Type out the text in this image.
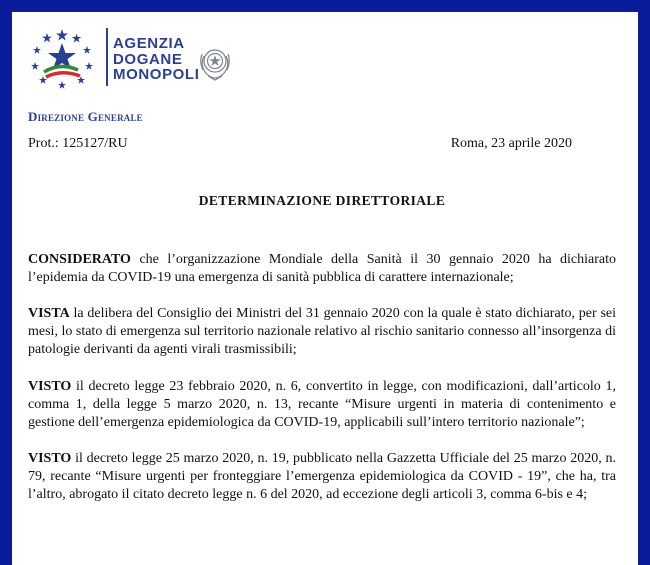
AGENZIA
DOGANE
MONOPOLI
Direzione Generale
Prot.: 125127/RU	Roma, 23 aprile 2020
DETERMINAZIONE DIRETTORIALE

CONSIDERATO che l’organizzazione Mondiale della Sanità il 30 gennaio 2020 ha dichiarato l’epidemia da COVID-19 una emergenza di sanità pubblica di carattere internazionale;

VISTA la delibera del Consiglio dei Ministri del 31 gennaio 2020 con la quale è stato dichiarato, per sei mesi, lo stato di emergenza sul territorio nazionale relativo al rischio sanitario connesso all’insorgenza di patologie derivanti da agenti virali trasmissibili;

VISTO il decreto legge 23 febbraio 2020, n. 6, convertito in legge, con modificazioni, dall’articolo 1, comma 1, della legge 5 marzo 2020, n. 13, recante “Misure urgenti in materia di contenimento e gestione dell’emergenza epidemiologica da COVID-19, applicabili sull’intero territorio nazionale”;

VISTO il decreto legge 25 marzo 2020, n. 19, pubblicato nella Gazzetta Ufficiale del 25 marzo 2020, n. 79, recante “Misure urgenti per fronteggiare l’emergenza epidemiologica da COVID - 19”, che ha, tra l’altro, abrogato il citato decreto legge n. 6 del 2020, ad eccezione degli articoli 3, comma 6-bis e 4;
